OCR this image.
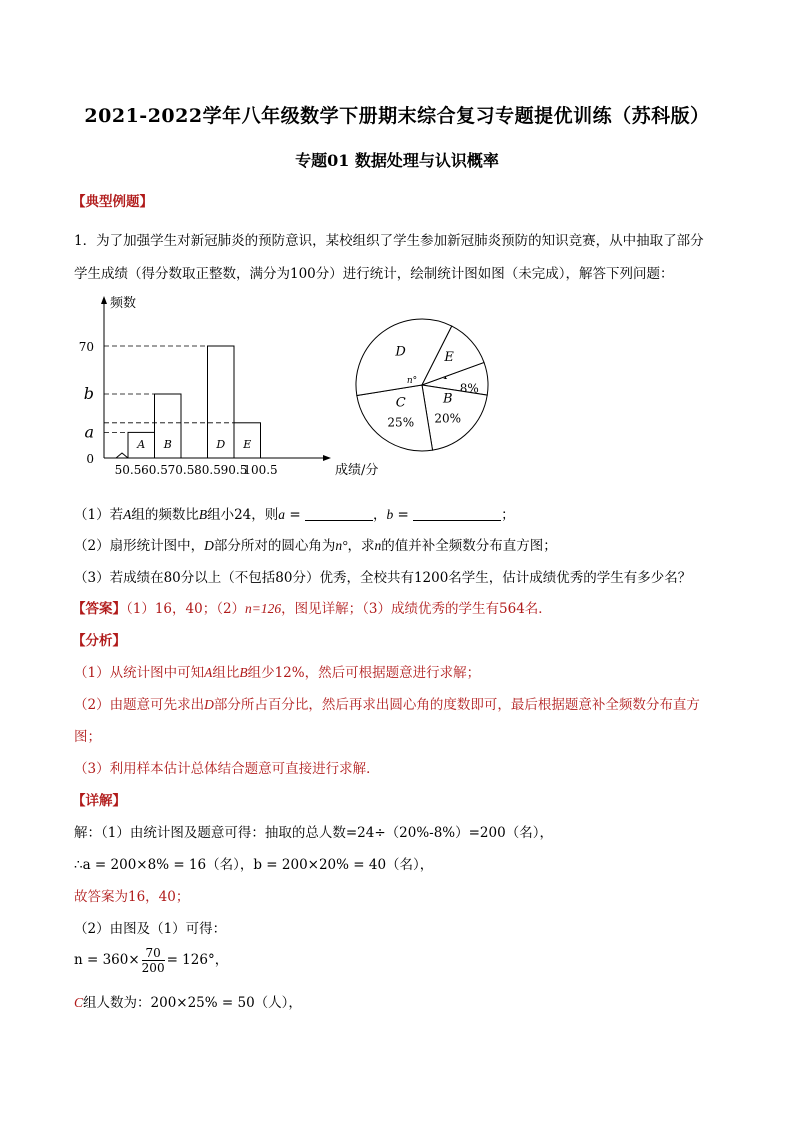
2021-2022学年八年级数学下册期末综合复习专题提优训练（苏科版）
专题01 数据处理与认识概率
【典型例题】
1．为了加强学生对新冠肺炎的预防意识，某校组织了学生参加新冠肺炎预防的知识竞赛，从中抽取了部分
学生成绩（得分数取正整数，满分为100分）进行统计，绘制统计图如图（未完成），解答下列问题：
频数
成绩/分
A B	D E
0
a
b
70
50.5 60.5 70.5 80.5 90.5
100.5
8%
B
20%
C
25%
D	E
n°
（1）若A组的频数比B组小24，则a =	，b =	；
（2）扇形统计图中，D部分所对的圆心角为n°，求n的值并补全频数分布直方图；
（3）若成绩在80分以上（不包括80分）优秀，全校共有1200名学生，估计成绩优秀的学生有多少名？
【答案】（1）16，40；（2）n=126，图见详解；（3）成绩优秀的学生有564名．
【分析】
（1）从统计图中可知A组比B组少12%，然后可根据题意进行求解；
（2）由题意可先求出D部分所占百分比，然后再求出圆心角的度数即可，最后根据题意补全频数分布直方
图；
（3）利用样本估计总体结合题意可直接进行求解．
【详解】
解：（1）由统计图及题意可得：抽取的总人数=24÷（20%-8%）=200（名），
∴a = 200×8% = 16（名），b = 200×20% = 40（名），
故答案为16，40；
（2）由图及（1）可得：
$n = 360\times \frac{70}{200} = 126^\circ$，
C组人数为：200×25% = 50（人），
